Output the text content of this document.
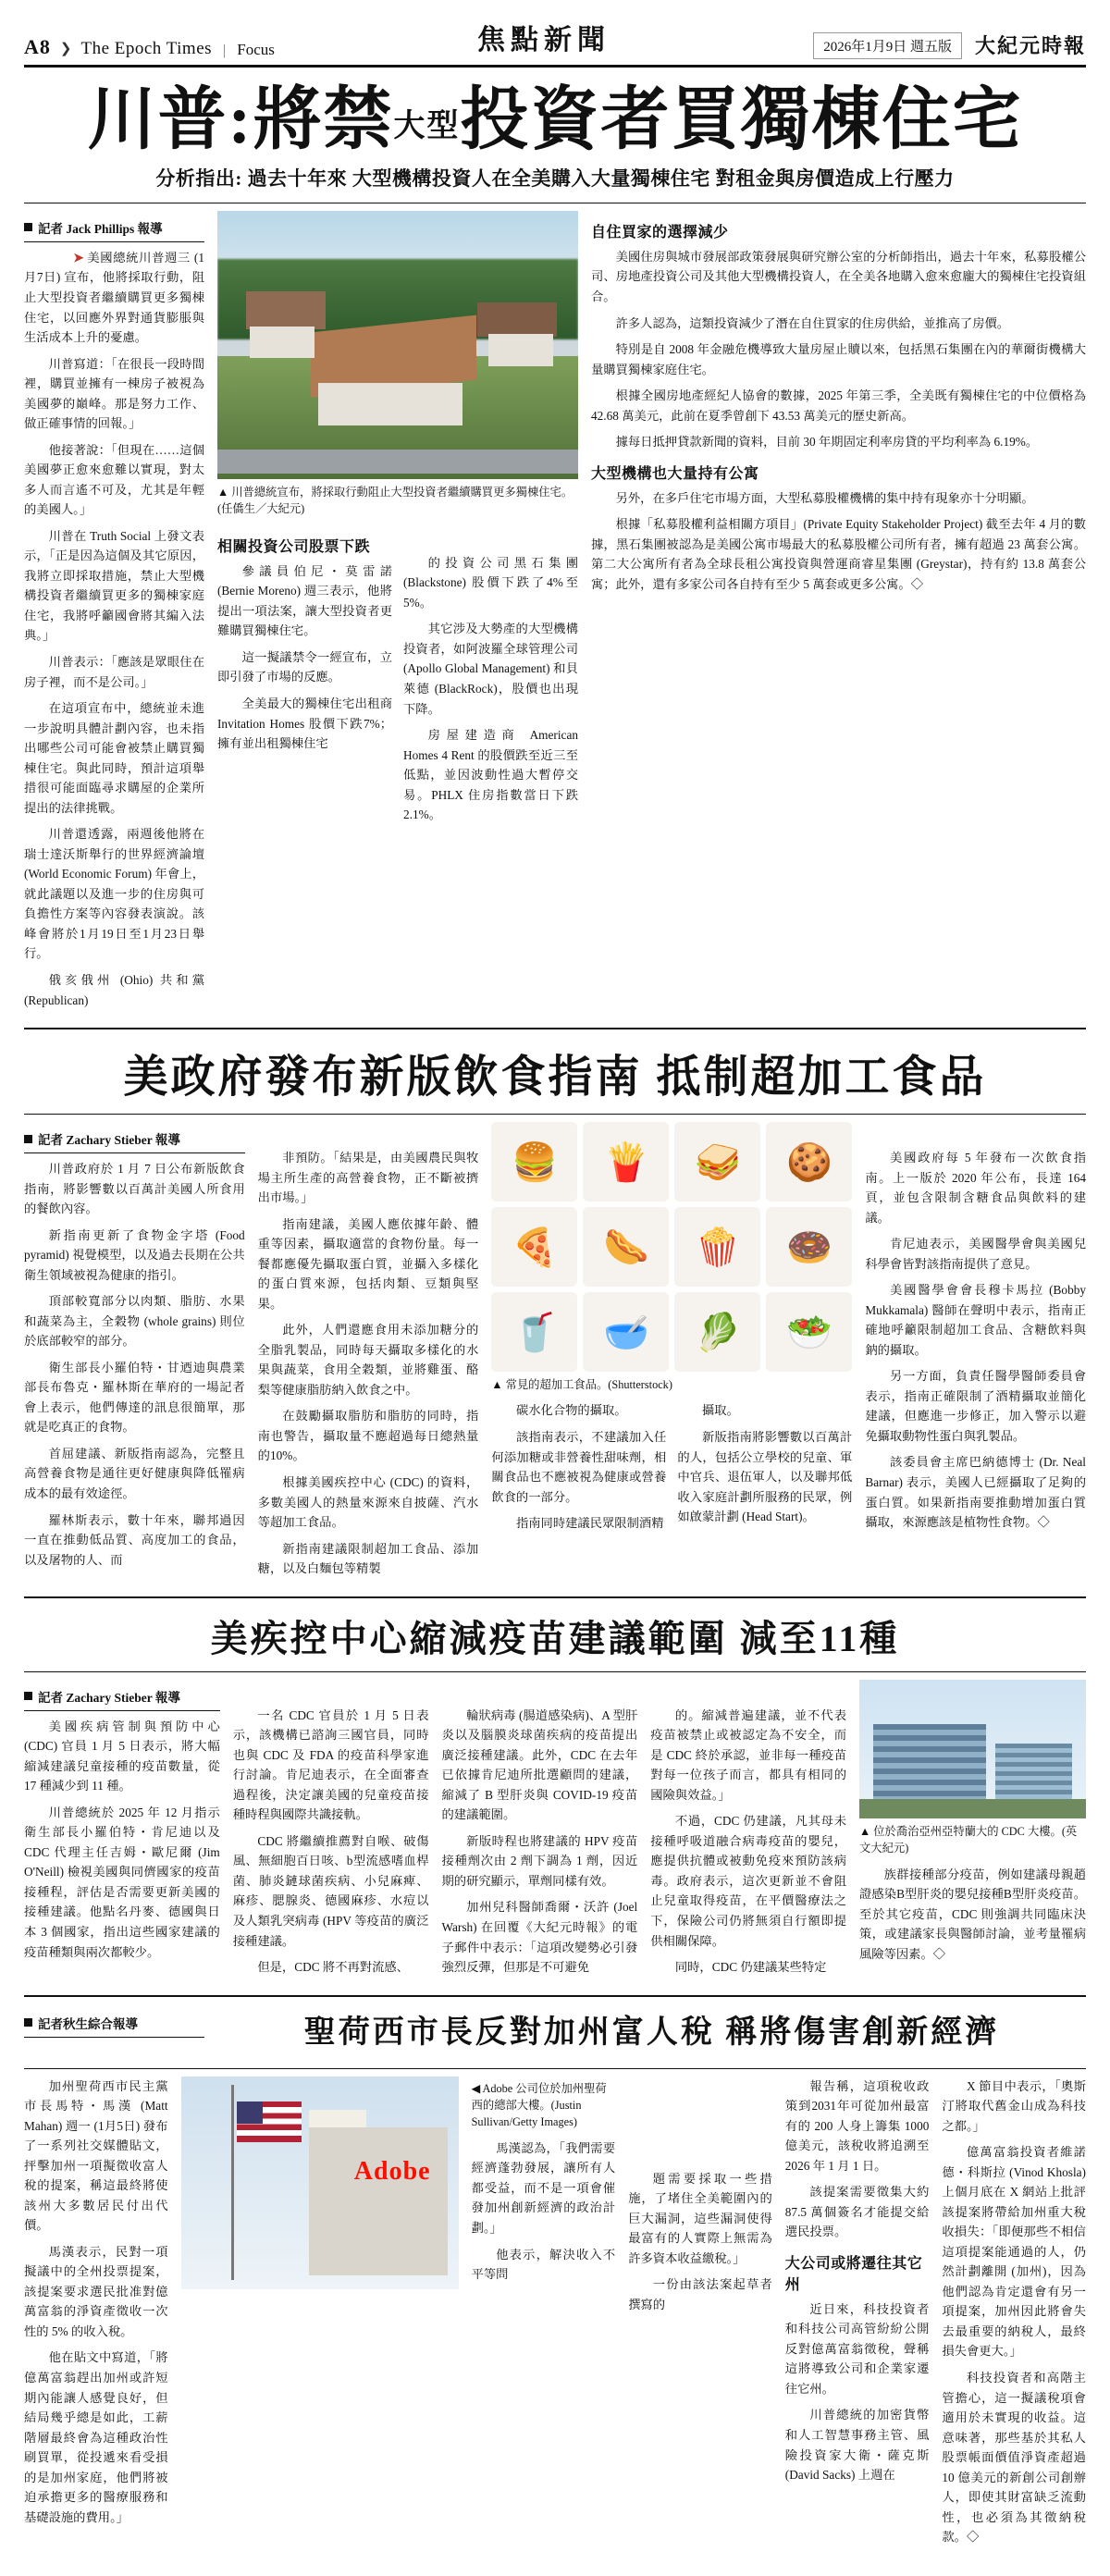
A8 ❯ The Epoch Times | Focus	焦點新聞	2026年1月9日 週五版	大紀元時報
川普:將禁大型投資者買獨棟住宅
分析指出: 過去十年來 大型機構投資人在全美購入大量獨棟住宅 對租金與房價造成上行壓力
記者 Jack Phillips 報導

➤ 美國總統川普週三 (1月7日) 宣布，他將採取行動，阻止大型投資者繼續購買更多獨棟住宅，以回應外界對通貨膨脹與生活成本上升的憂慮。

川普寫道：「在很長一段時間裡，購買並擁有一棟房子被視為美國夢的巔峰。那是努力工作、做正確事情的回報。」

他接著說：「但現在……這個美國夢正愈來愈難以實現，對太多人而言遙不可及，尤其是年輕的美國人。」

川普在 Truth Social 上發文表示，「正是因為這個及其它原因，我將立即採取措施，禁止大型機構投資者繼續買更多的獨棟家庭住宅，我將呼籲國會將其編入法典。」

川普表示：「應該是眾眼住在房子裡，而不是公司。」

在這項宣布中，總統並未進一步說明具體計劃內容，也未指出哪些公司可能會被禁止購買獨棟住宅。與此同時，預計這項舉措很可能面臨尋求購屋的企業所提出的法律挑戰。

川普還透露，兩週後他將在瑞士達沃斯舉行的世界經濟論壇 (World Economic Forum) 年會上，就此議題以及進一步的住房與可負擔性方案等內容發表演說。該峰會將於1月19日至1月23日舉行。

俄亥俄州 (Ohio) 共和黨 (Republican)

▲ 川普總統宣布，將採取行動阻止大型投資者繼續購買更多獨棟住宅。(任僑生／大紀元)
相關投資公司股票下跌

參議員伯尼・莫雷諾 (Bernie Moreno) 週三表示，他將提出一項法案，讓大型投資者更難購買獨棟住宅。

這一擬議禁令一經宣布，立即引發了市場的反應。

全美最大的獨棟住宅出租商 Invitation Homes 股價下跌7%；擁有並出租獨棟住宅

的投資公司黑石集團 (Blackstone) 股價下跌了4%至5%。

其它涉及大勢產的大型機構投資者，如阿波羅全球管理公司 (Apollo Global Management) 和貝萊德 (BlackRock)，股價也出現下降。

房屋建造商 American Homes 4 Rent 的股價跌至近三至低點，並因波動性過大暫停交易。PHLX 住房指數當日下跌2.1%。

自住買家的選擇減少

美國住房與城市發展部政策發展與研究辦公室的分析師指出，過去十年來，私募股權公司、房地產投資公司及其他大型機構投資人，在全美各地購入愈來愈龐大的獨棟住宅投資組合。

許多人認為，這類投資減少了潛在自住買家的住房供給，並推高了房價。

特別是自 2008 年金融危機導致大量房屋止贖以來，包括黑石集團在內的華爾街機構大量購買獨棟家庭住宅。

根據全國房地產經紀人協會的數據，2025 年第三季，全美既有獨棟住宅的中位價格為 42.68 萬美元，此前在夏季曾創下 43.53 萬美元的歷史新高。

據每日抵押貸款新聞的資料，目前 30 年期固定利率房貸的平均利率為 6.19%。

大型機構也大量持有公寓

另外，在多戶住宅市場方面，大型私募股權機構的集中持有現象亦十分明顯。

根據「私募股權利益相關方項目」(Private Equity Stakeholder Project) 截至去年 4 月的數據，黑石集團被認為是美國公寓市場最大的私募股權公司所有者，擁有超過 23 萬套公寓。第二大公寓所有者為全球長租公寓投資與營運商睿星集團 (Greystar)，持有約 13.8 萬套公寓；此外，還有多家公司各自持有至少 5 萬套或更多公寓。◇

美政府發布新版飲食指南 抵制超加工食品
記者 Zachary Stieber 報導

川普政府於 1 月 7 日公布新版飲食指南，將影響數以百萬計美國人所食用的餐飲內容。

新指南更新了食物金字塔 (Food pyramid) 視覺模型，以及過去長期在公共衛生領域被視為健康的指引。

頂部較寬部分以肉類、脂肪、水果和蔬菜為主，全穀物 (whole grains) 則位於底部較窄的部分。

衛生部長小羅伯特・甘迺迪與農業部長布魯克・羅林斯在華府的一場記者會上表示，他們傳達的訊息很簡單，那就是吃真正的食物。

首屈建議、新版指南認為，完整且高營養食物是通往更好健康與降低罹病成本的最有效途徑。

羅林斯表示，數十年來，聯邦過因一直在推動低品質、高度加工的食品，以及屠物的人、而

非預防。「結果是，由美國農民與牧場主所生產的高營養食物，正不斷被擠出市場。」

指南建議，美國人應依據年齡、體重等因素，攝取適當的食物份量。每一餐都應優先攝取蛋白質，並攝入多樣化的蛋白質來源，包括肉類、豆類與堅果。

此外，人們還應食用未添加糖分的全脂乳製品，同時每天攝取多樣化的水果與蔬菜，食用全穀類，並將雞蛋、酪梨等健康脂肪納入飲食之中。

在鼓勵攝取脂肪和脂肪的同時，指南也警告，攝取量不應超過每日總熱量的10%。

根據美國疾控中心 (CDC) 的資料，多數美國人的熱量來源來自披薩、汽水等超加工食品。

新指南建議限制超加工食品、添加糖，以及白麵包等精製

🍔	🍟	🥪	🍪
🍕	🌭	🍿	🍩
🥤	🥣	🥬	🥗
▲ 常見的超加工食品。(Shutterstock)

碳水化合物的攝取。

該指南表示，不建議加入任何添加糖或非營養性甜味劑，相關食品也不應被視為健康或營養飲食的一部分。

指南同時建議民眾限制酒精

攝取。

新版指南將影響數以百萬計的人，包括公立學校的兒童、軍中官兵、退伍軍人，以及聯邦低收入家庭計劃所服務的民眾，例如啟蒙計劃 (Head Start)。

美國政府每 5 年發布一次飲食指南。上一版於 2020 年公布，長達 164 頁，並包含限制含糖食品與飲料的建議。

肯尼迪表示，美國醫學會與美國兒科學會皆對該指南提供了意見。

美國醫學會會長穆卡馬拉 (Bobby Mukkamala) 醫師在聲明中表示，指南正確地呼籲限制超加工食品、含糖飲料與鈉的攝取。

另一方面，負責任醫學醫師委員會表示，指南正確限制了酒精攝取並簡化建議，但應進一步修正，加入警示以避免攝取動物性蛋白與乳製品。

該委員會主席巴納德博士 (Dr. Neal Barnar) 表示，美國人已經攝取了足夠的蛋白質。如果新指南要推動增加蛋白質攝取，來源應該是植物性食物。◇

美疾控中心縮減疫苗建議範圍 減至11種
記者 Zachary Stieber 報導

美國疾病管制與預防中心 (CDC) 官員 1 月 5 日表示，將大幅縮減建議兒童接種的疫苗數量，從 17 種減少到 11 種。

川普總統於 2025 年 12 月指示衛生部長小羅伯特・肯尼迪以及 CDC 代理主任吉姆・歐尼爾 (Jim O'Neill) 檢視美國與同儕國家的疫苗接種程，評估是否需要更新美國的接種建議。他點名丹麥、德國與日本 3 個國家，指出這些國家建議的疫苗種類與兩次都較少。

一名 CDC 官員於 1 月 5 日表示，該機構已諮詢三國官員，同時也與 CDC 及 FDA 的疫苗科學家進行討論。肯尼迪表示，在全面審查過程後，決定讓美國的兒童疫苗接種時程與國際共識接軌。

CDC 將繼續推薦對自喉、破傷風、無細胞百日咳、b型流感嗜血桿菌、肺炎鏈球菌疾病、小兒麻痺、麻疹、腮腺炎、德國麻疹、水痘以及人類乳突病毒 (HPV 等疫苗的廣泛接種建議。

但是，CDC 將不再對流感、

輪狀病毒 (腸道感染病)、A 型肝炎以及腦膜炎球菌疾病的疫苗提出廣泛接種建議。此外，CDC 在去年已依據肯尼迪所批選顧問的建議，縮減了 B 型肝炎與 COVID-19 疫苗的建議範圍。

新版時程也將建議的 HPV 疫苗接種劑次由 2 劑下調為 1 劑，因近期的研究顯示，單劑同樣有效。

加州兒科醫師喬爾・沃許 (Joel Warsh) 在回覆《大紀元時報》的電子郵件中表示：「這項改變勢必引發強烈反彈，但那是不可避免

的。縮減普遍建議，並不代表疫苗被禁止或被認定為不安全，而是 CDC 終於承認，並非每一種疫苗對每一位孩子而言，都具有相同的國險與效益。」

不過，CDC 仍建議，凡其母未接種呼吸道融合病毒疫苗的嬰兒，應提供抗體或被動免疫來預防該病毒。政府表示，這次更新並不會阻止兒童取得疫苗，在平價醫療法之下，保險公司仍將無須自行額即提供相關保障。

同時，CDC 仍建議某些特定

▲ 位於喬治亞州亞特蘭大的 CDC 大樓。(英文大紀元)

族群接種部分疫苗，例如建議母親趙證感染B型肝炎的嬰兒接種B型肝炎疫苗。至於其它疫苗，CDC 則強調共同臨床決策，或建議家長與醫師討論，並考量罹病風險等因素。◇

記者秋生綜合報導	聖荷西市長反對加州富人稅 稱將傷害創新經濟

加州聖荷西市民主黨市長馬特・馬漢 (Matt Mahan) 週一 (1月5日) 發布了一系列社交媒體貼文，抨擊加州一項擬徵收富人稅的提案，稱這最終將使該州大多數居民付出代價。

馬漢表示，民對一項擬議中的全州投票提案，該提案要求選民批准對億萬富翁的淨資產徵收一次性的 5% 的收入稅。

他在貼文中寫道，「將億萬富翁趕出加州或許短期內能讓人感覺良好，但結局幾乎總是如此，工薪階層最終會為這種政治性刷買單，從投遞來看受損的是加州家庭，他們將被迫承擔更多的醫療服務和基礎設施的費用。」

Adobe
◀ Adobe 公司位於加州聖荷西的總部大樓。(Justin Sullivan/Getty Images)

馬漢認為，「我們需要經濟蓬勃發展，讓所有人都受益，而不是一項會催發加州創新經濟的政治計劃。」

他表示，解決收入不平等問

題需要採取一些措施，了堵住全美範圍內的巨大漏洞，這些漏洞使得最富有的人實際上無需為許多資本收益繳稅。」

一份由該法案起草者撰寫的

報告稱，這項稅收政策到2031年可從加州最富有的 200 人身上籌集 1000 億美元，該稅收將追溯至 2026 年 1 月 1 日。

該提案需要徵集大約 87.5 萬個簽名才能提交給選民投票。

大公司或將遷往其它州

近日來，科技投資者和科技公司高管紛紛公開反對億萬富翁徵稅，聲稱這將導致公司和企業家遷往它州。

川普總統的加密貨幣和人工智慧事務主管、風險投資家大衛・薩克斯 (David Sacks) 上週在

X 節目中表示，「奧斯汀將取代舊金山成為科技之都。」

億萬富翁投資者維諾德・科斯拉 (Vinod Khosla) 上個月底在 X 網站上批評該提案將帶給加州重大稅收損失：「即便那些不相信這項提案能通過的人，仍然計劃離開 (加州)，因為他們認為肯定還會有另一項提案，加州因此將會失去最重要的納稅人，最終損失會更大。」

科技投資者和高階主管擔心，這一擬議稅項會適用於未實現的收益。這意味著，那些基於其私人股票帳面價值淨資產超過 10 億美元的新創公司創辦人，即使其財富缺乏流動性，也必須為其徵納稅款。◇
